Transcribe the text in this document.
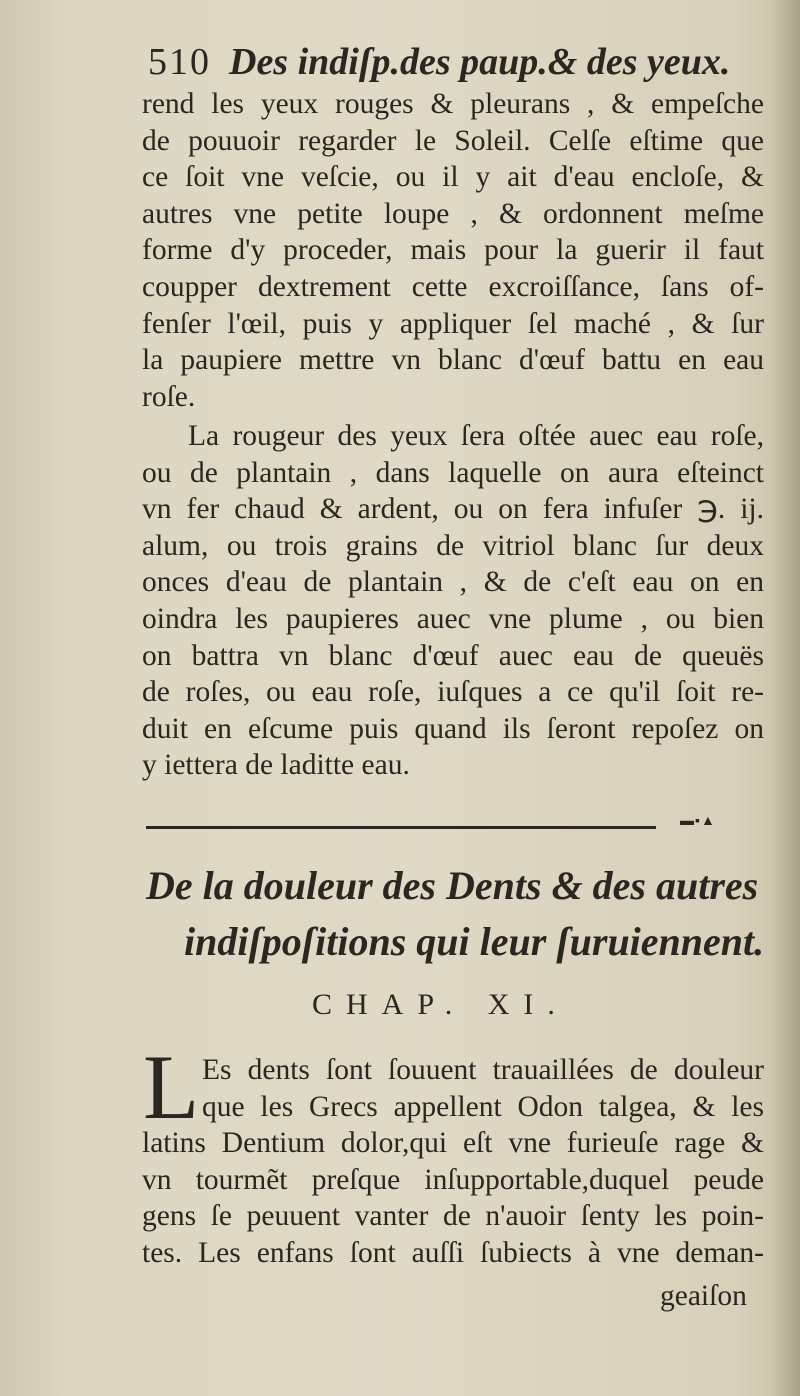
510 Des indiſp.des paup.& des yeux.
rend les yeux rouges & pleurans , & empeſche
de pouuoir regarder le Soleil. Celſe eſtime que
ce ſoit vne veſcie, ou il y ait d'eau encloſe, &
autres vne petite loupe , & ordonnent meſme
forme d'y proceder, mais pour la guerir il faut
coupper dextrement cette excroiſſance, ſans of-
fenſer l'œil, puis y appliquer ſel maché , & ſur
la paupiere mettre vn blanc d'œuf battu en eau
roſe.
La rougeur des yeux ſera oſtée auec eau roſe,
ou de plantain , dans laquelle on aura eſteinct
vn fer chaud & ardent, ou on fera infuſer ℈. ij.
alum, ou trois grains de vitriol blanc ſur deux
onces d'eau de plantain , & de c'eſt eau on en
oindra les paupieres auec vne plume , ou bien
on battra vn blanc d'œuf auec eau de queuës
de roſes, ou eau roſe, iuſques a ce qu'il ſoit re-
duit en eſcume puis quand ils ſeront repoſez on
y iettera de laditte eau.
▬▪▲
De la douleur des Dents & des autres
indiſpoſitions qui leur ſuruiennent.
CHAP. XI.
L Es dents ſont ſouuent trauaillées de douleur
que les Grecs appellent Odon talgea, & les
latins Dentium dolor,qui eſt vne furieuſe rage &
vn tourmẽt preſque inſupportable,duquel peude
gens ſe peuuent vanter de n'auoir ſenty les poin-
tes. Les enfans ſont auſſi ſubiects à vne deman-
geaiſon
